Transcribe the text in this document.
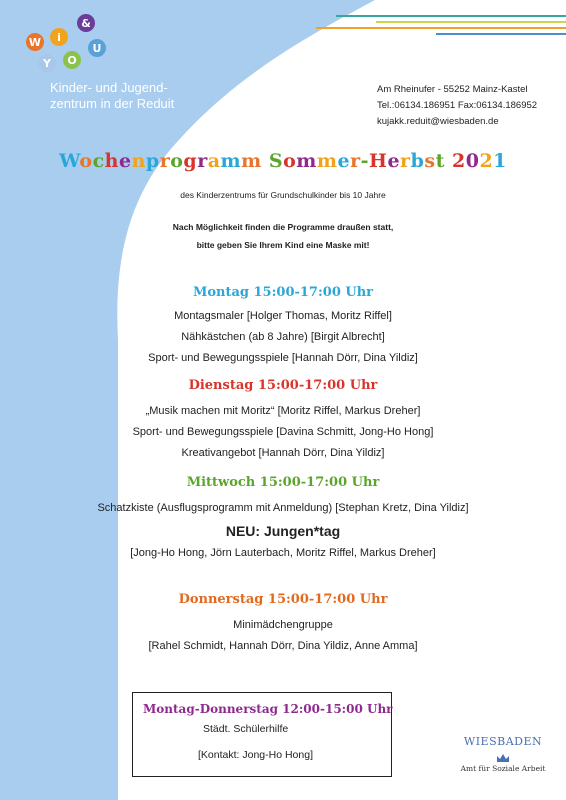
W i
&
Y O
U
Kinder- und Jugend-
zentrum in der Reduit
Am Rheinufer - 55252 Mainz-Kastel
Tel.:06134.186951 Fax:06134.186952
kujakk.reduit@wiesbaden.de
Wochenprogramm Sommer-Herbst 2021
des Kinderzentrums für Grundschulkinder bis 10 Jahre
Nach Möglichkeit finden die Programme draußen statt,
bitte geben Sie Ihrem Kind eine Maske mit!
Montag 15:00-17:00 Uhr
Montagsmaler [Holger Thomas, Moritz Riffel]
Nähkästchen (ab 8 Jahre) [Birgit Albrecht]
Sport- und Bewegungsspiele [Hannah Dörr, Dina Yildiz]
Dienstag 15:00-17:00 Uhr
„Musik machen mit Moritz“ [Moritz Riffel, Markus Dreher]
Sport- und Bewegungsspiele [Davina Schmitt, Jong-Ho Hong]
Kreativangebot [Hannah Dörr, Dina Yildiz]
Mittwoch 15:00-17:00 Uhr
Schatzkiste (Ausflugsprogramm mit Anmeldung) [Stephan Kretz, Dina Yildiz]
NEU: Jungen*tag
[Jong-Ho Hong, Jörn Lauterbach, Moritz Riffel, Markus Dreher]
Donnerstag 15:00-17:00 Uhr
Minimädchengruppe
[Rahel Schmidt, Hannah Dörr, Dina Yildiz, Anne Amma]
Montag-Donnerstag 12:00-15:00 Uhr
Städt. Schülerhilfe
[Kontakt: Jong-Ho Hong]
WIESBADEN
Amt für Soziale Arbeit
